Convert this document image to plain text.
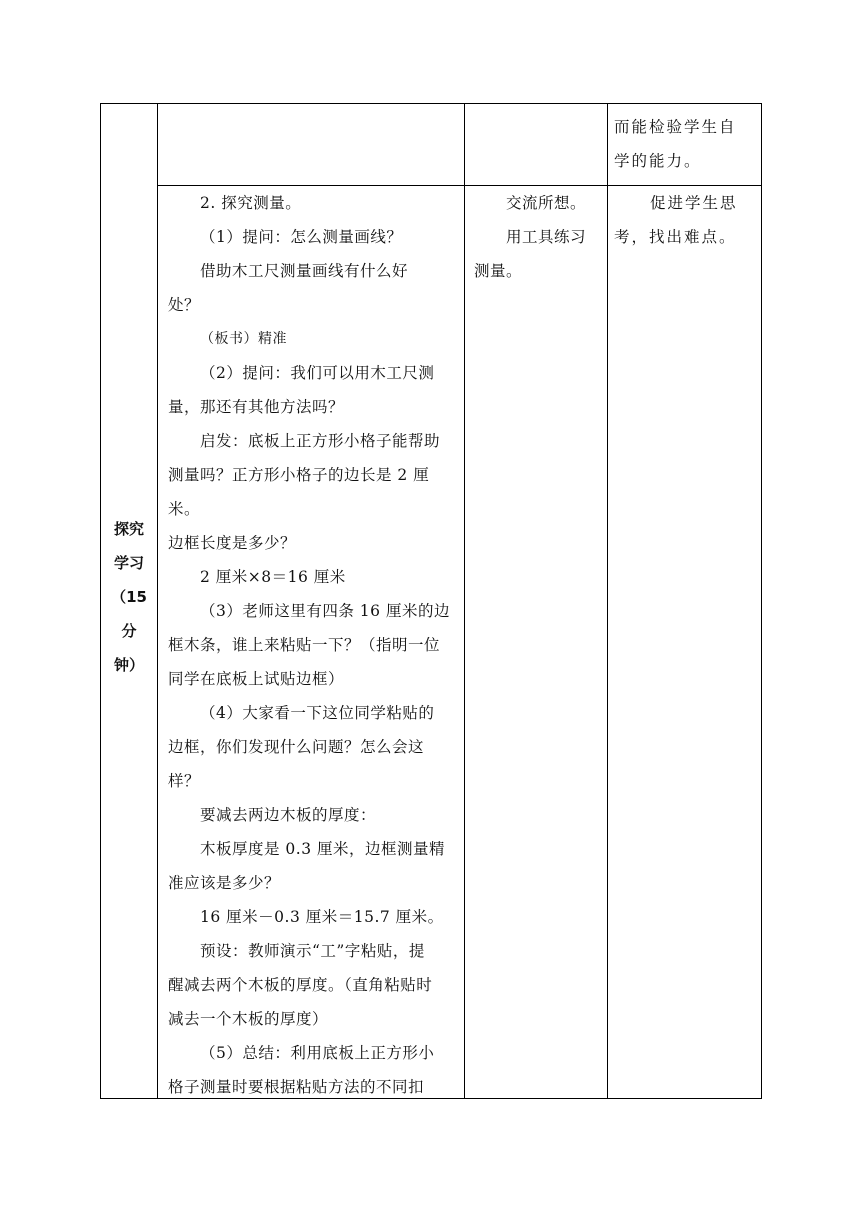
探究

学习

（15

分

钟）

而能检验学生自

学的能力。

2. 探究测量。

（1）提问：怎么测量画线？

借助木工尺测量画线有什么好

处？

（板书）精准

（2）提问：我们可以用木工尺测

量，那还有其他方法吗？

启发：底板上正方形小格子能帮助

测量吗？正方形小格子的边长是 2 厘

米。

边框长度是多少？

2 厘米×8＝16 厘米

（3）老师这里有四条 16 厘米的边

框木条，谁上来粘贴一下？（指明一位

同学在底板上试贴边框）

（4）大家看一下这位同学粘贴的

边框，你们发现什么问题？怎么会这

样？

要减去两边木板的厚度：

木板厚度是 0.3 厘米，边框测量精

准应该是多少？

16 厘米－0.3 厘米＝15.7 厘米。

预设：教师演示“工”字粘贴，提

醒减去两个木板的厚度。（直角粘贴时

减去一个木板的厚度）

（5）总结：利用底板上正方形小

格子测量时要根据粘贴方法的不同扣

交流所想。

用工具练习

测量。

促进学生思

考，找出难点。
